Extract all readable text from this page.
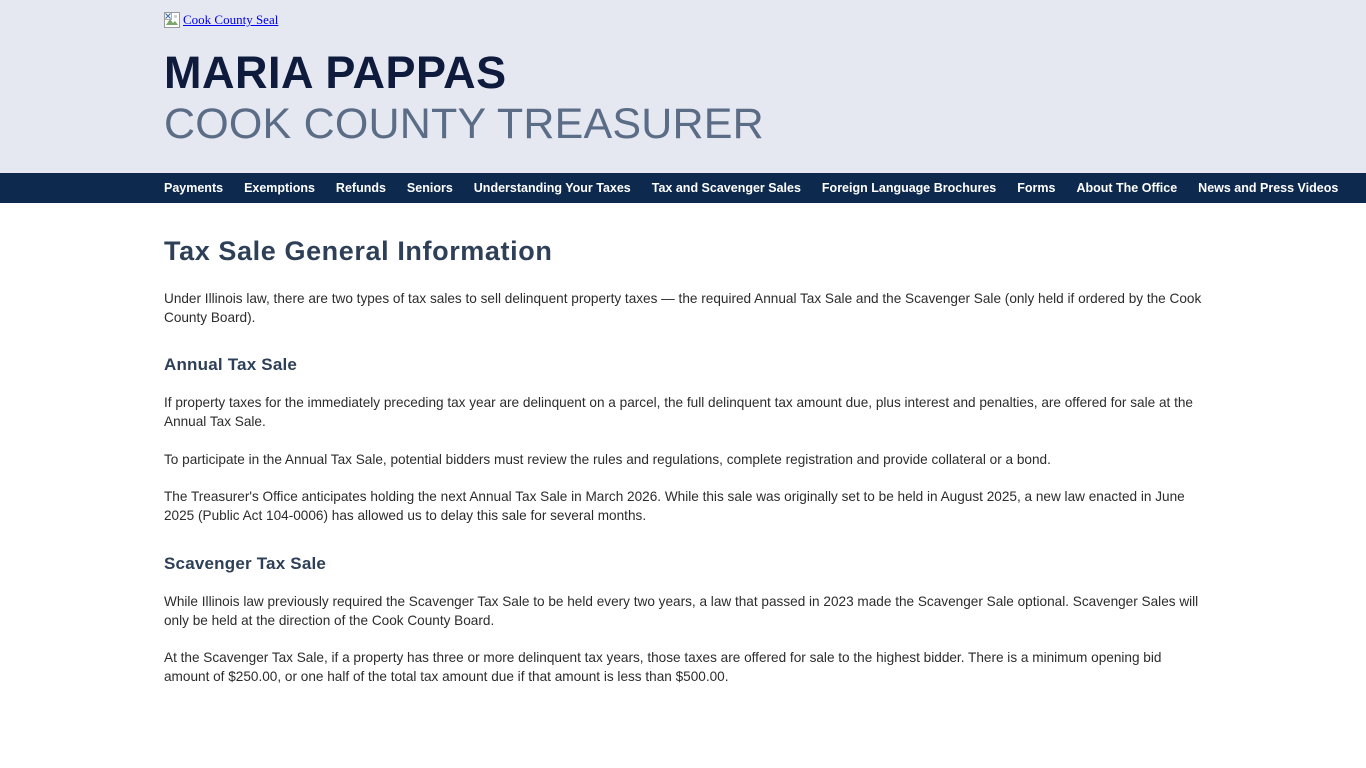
Cook County Seal
MARIA PAPPAS
COOK COUNTY TREASURER
Payments Exemptions Refunds Seniors Understanding Your Taxes Tax and Scavenger Sales Foreign Language Brochures Forms About The Office News and Press Videos
Tax Sale General Information

Under Illinois law, there are two types of tax sales to sell delinquent property taxes — the required Annual Tax Sale and the Scavenger Sale (only held if ordered by the Cook County Board).

Annual Tax Sale

If property taxes for the immediately preceding tax year are delinquent on a parcel, the full delinquent tax amount due, plus interest and penalties, are offered for sale at the Annual Tax Sale.

To participate in the Annual Tax Sale, potential bidders must review the rules and regulations, complete registration and provide collateral or a bond.

The Treasurer's Office anticipates holding the next Annual Tax Sale in March 2026. While this sale was originally set to be held in August 2025, a new law enacted in June 2025 (Public Act 104-0006) has allowed us to delay this sale for several months.

Scavenger Tax Sale

While Illinois law previously required the Scavenger Tax Sale to be held every two years, a law that passed in 2023 made the Scavenger Sale optional. Scavenger Sales will only be held at the direction of the Cook County Board.

At the Scavenger Tax Sale, if a property has three or more delinquent tax years, those taxes are offered for sale to the highest bidder. There is a minimum opening bid amount of $250.00, or one half of the total tax amount due if that amount is less than $500.00.
